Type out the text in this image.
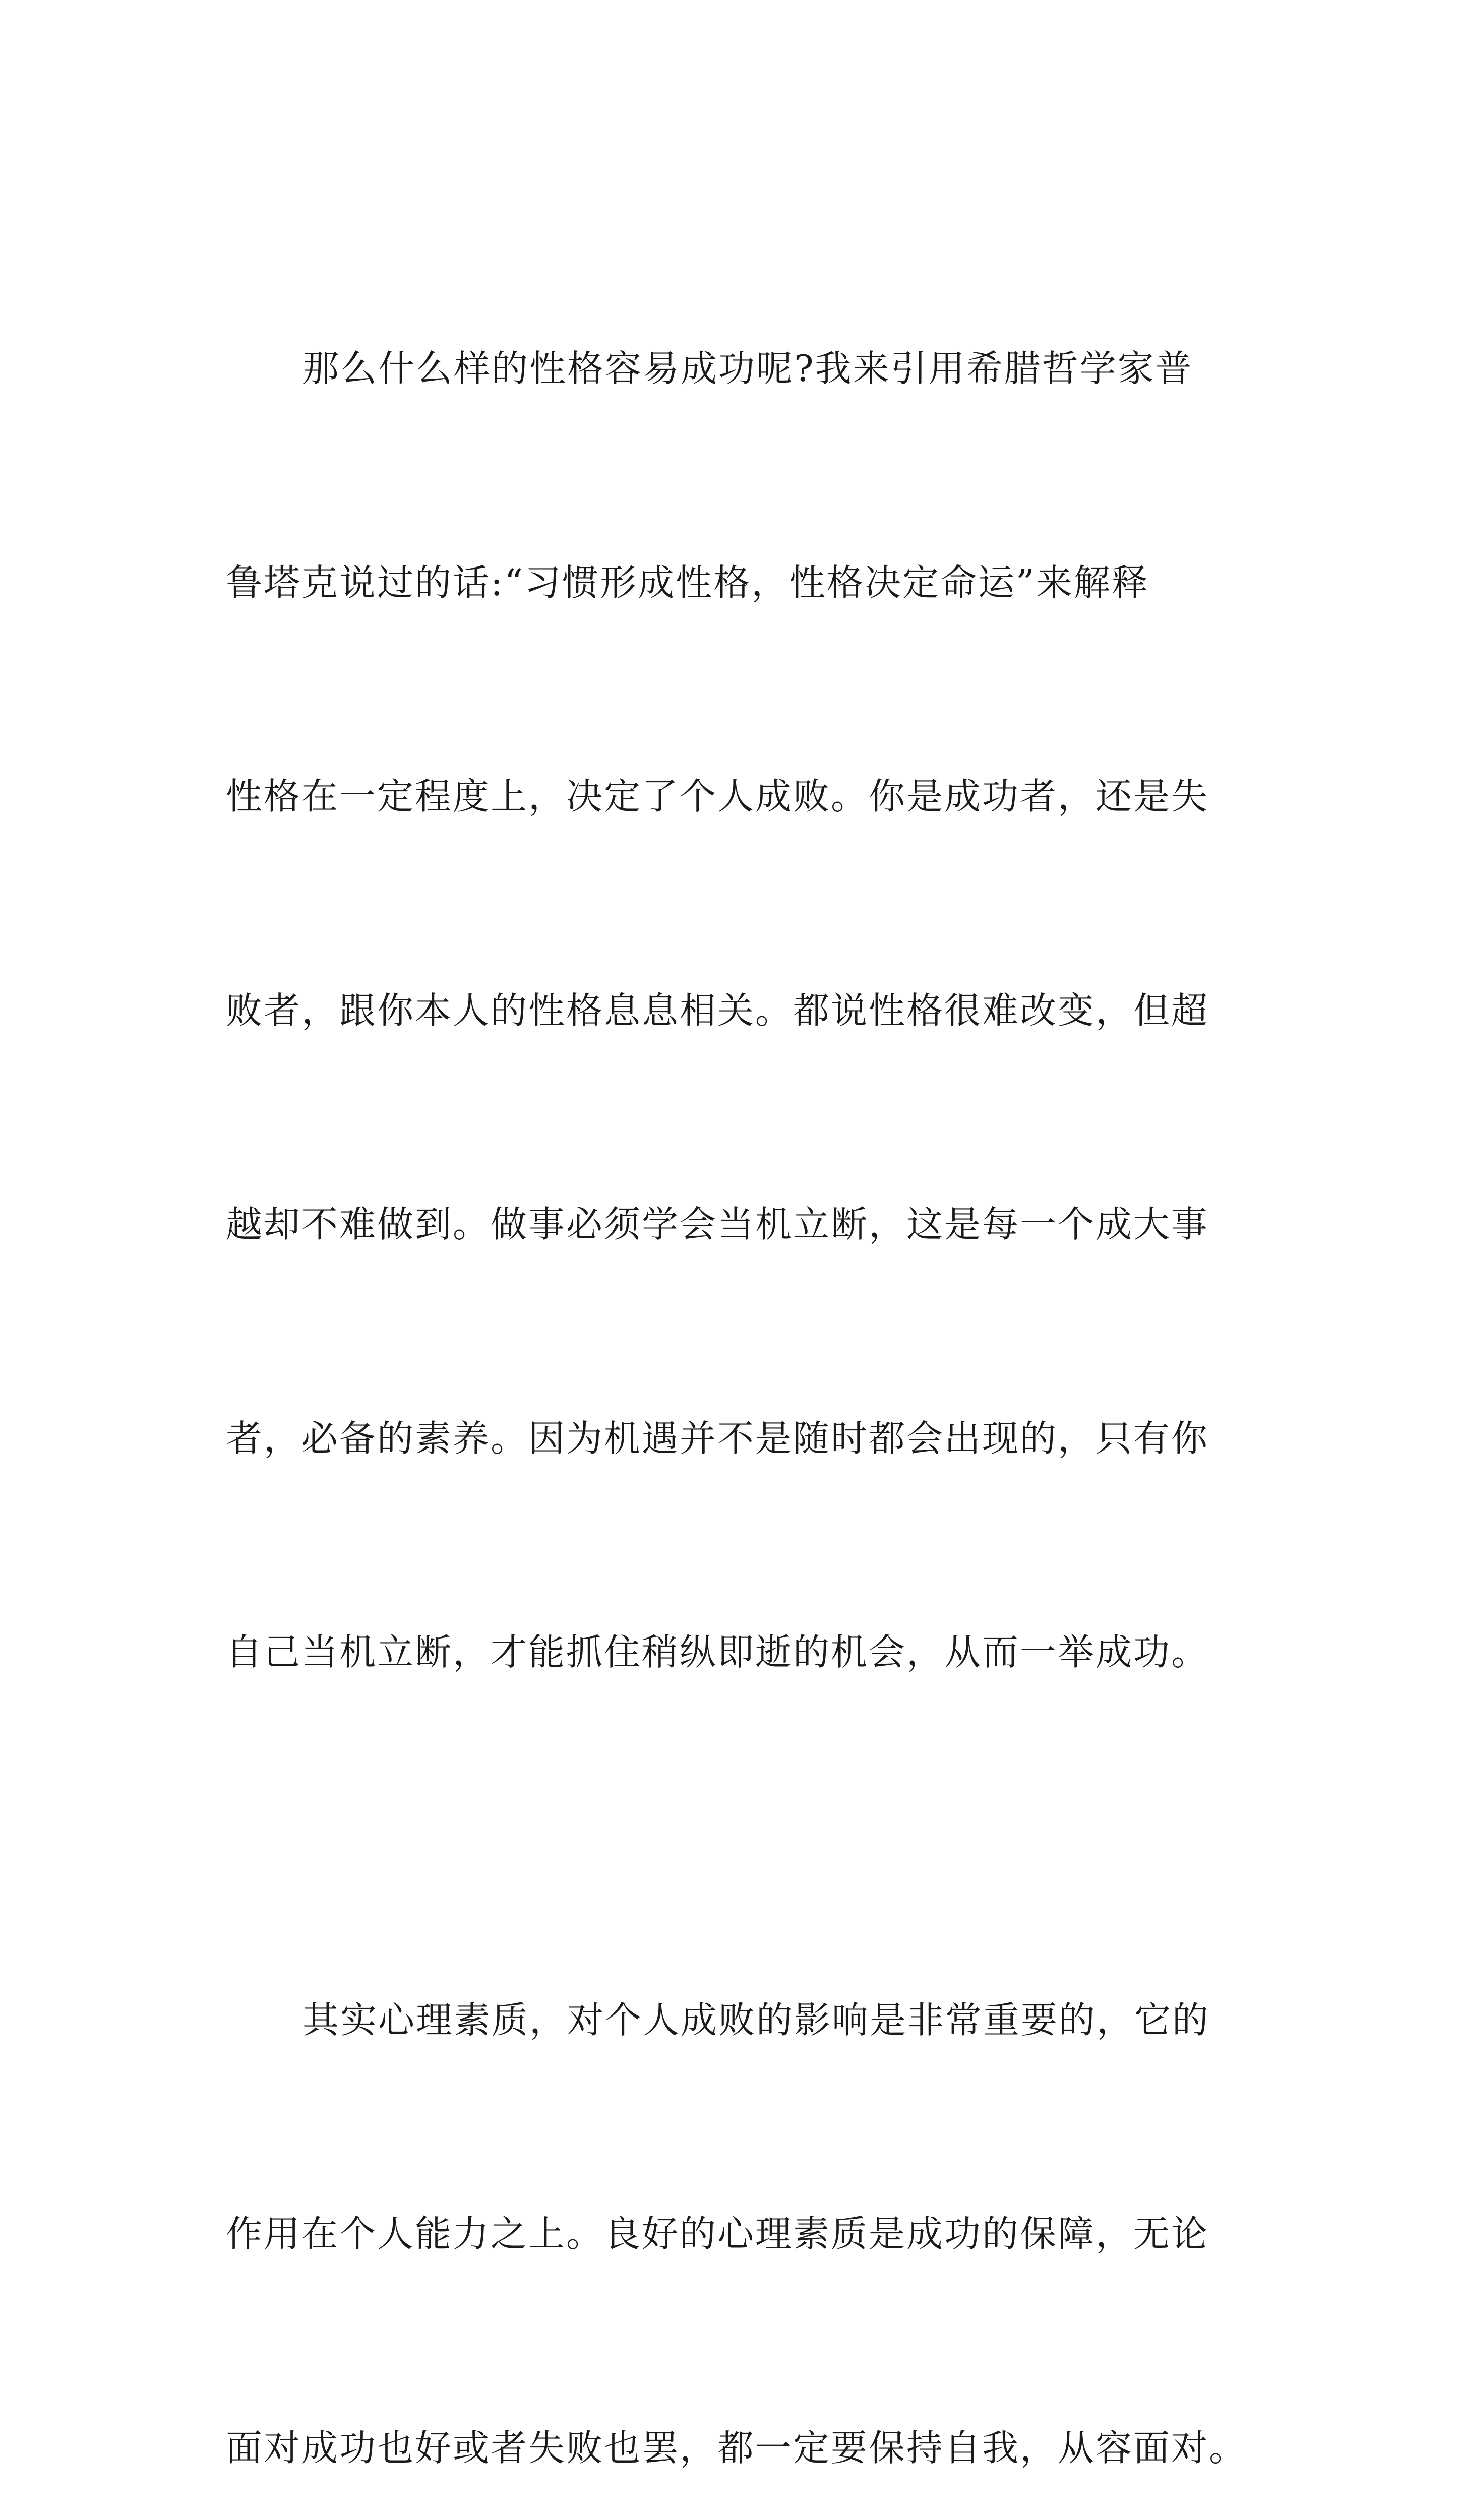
那么什么样的性格容易成功呢?我来引用希腊哲学家普

鲁塔克说过的话:“习惯形成性格，性格决定命运”来解释

性格在一定程度上，决定了个人成败。你是成功者，还是失

败者，跟你本人的性格息息相关。都说性格很难改变，但超

越却不难做到。做事必须学会当机立断，这是每一个成大事

者，必备的素养。因为机遇并不是随时都会出现的，只有你

自己当机立断，才能抓住稍纵即逝的机会，从而一举成功。

其实心理素质，对个人成败的影响是非常重要的，它的

作用在个人能力之上。良好的心理素质是成功的保障，无论

面对成功也好或者失败也罢，都一定要保持自我，从容面对。
